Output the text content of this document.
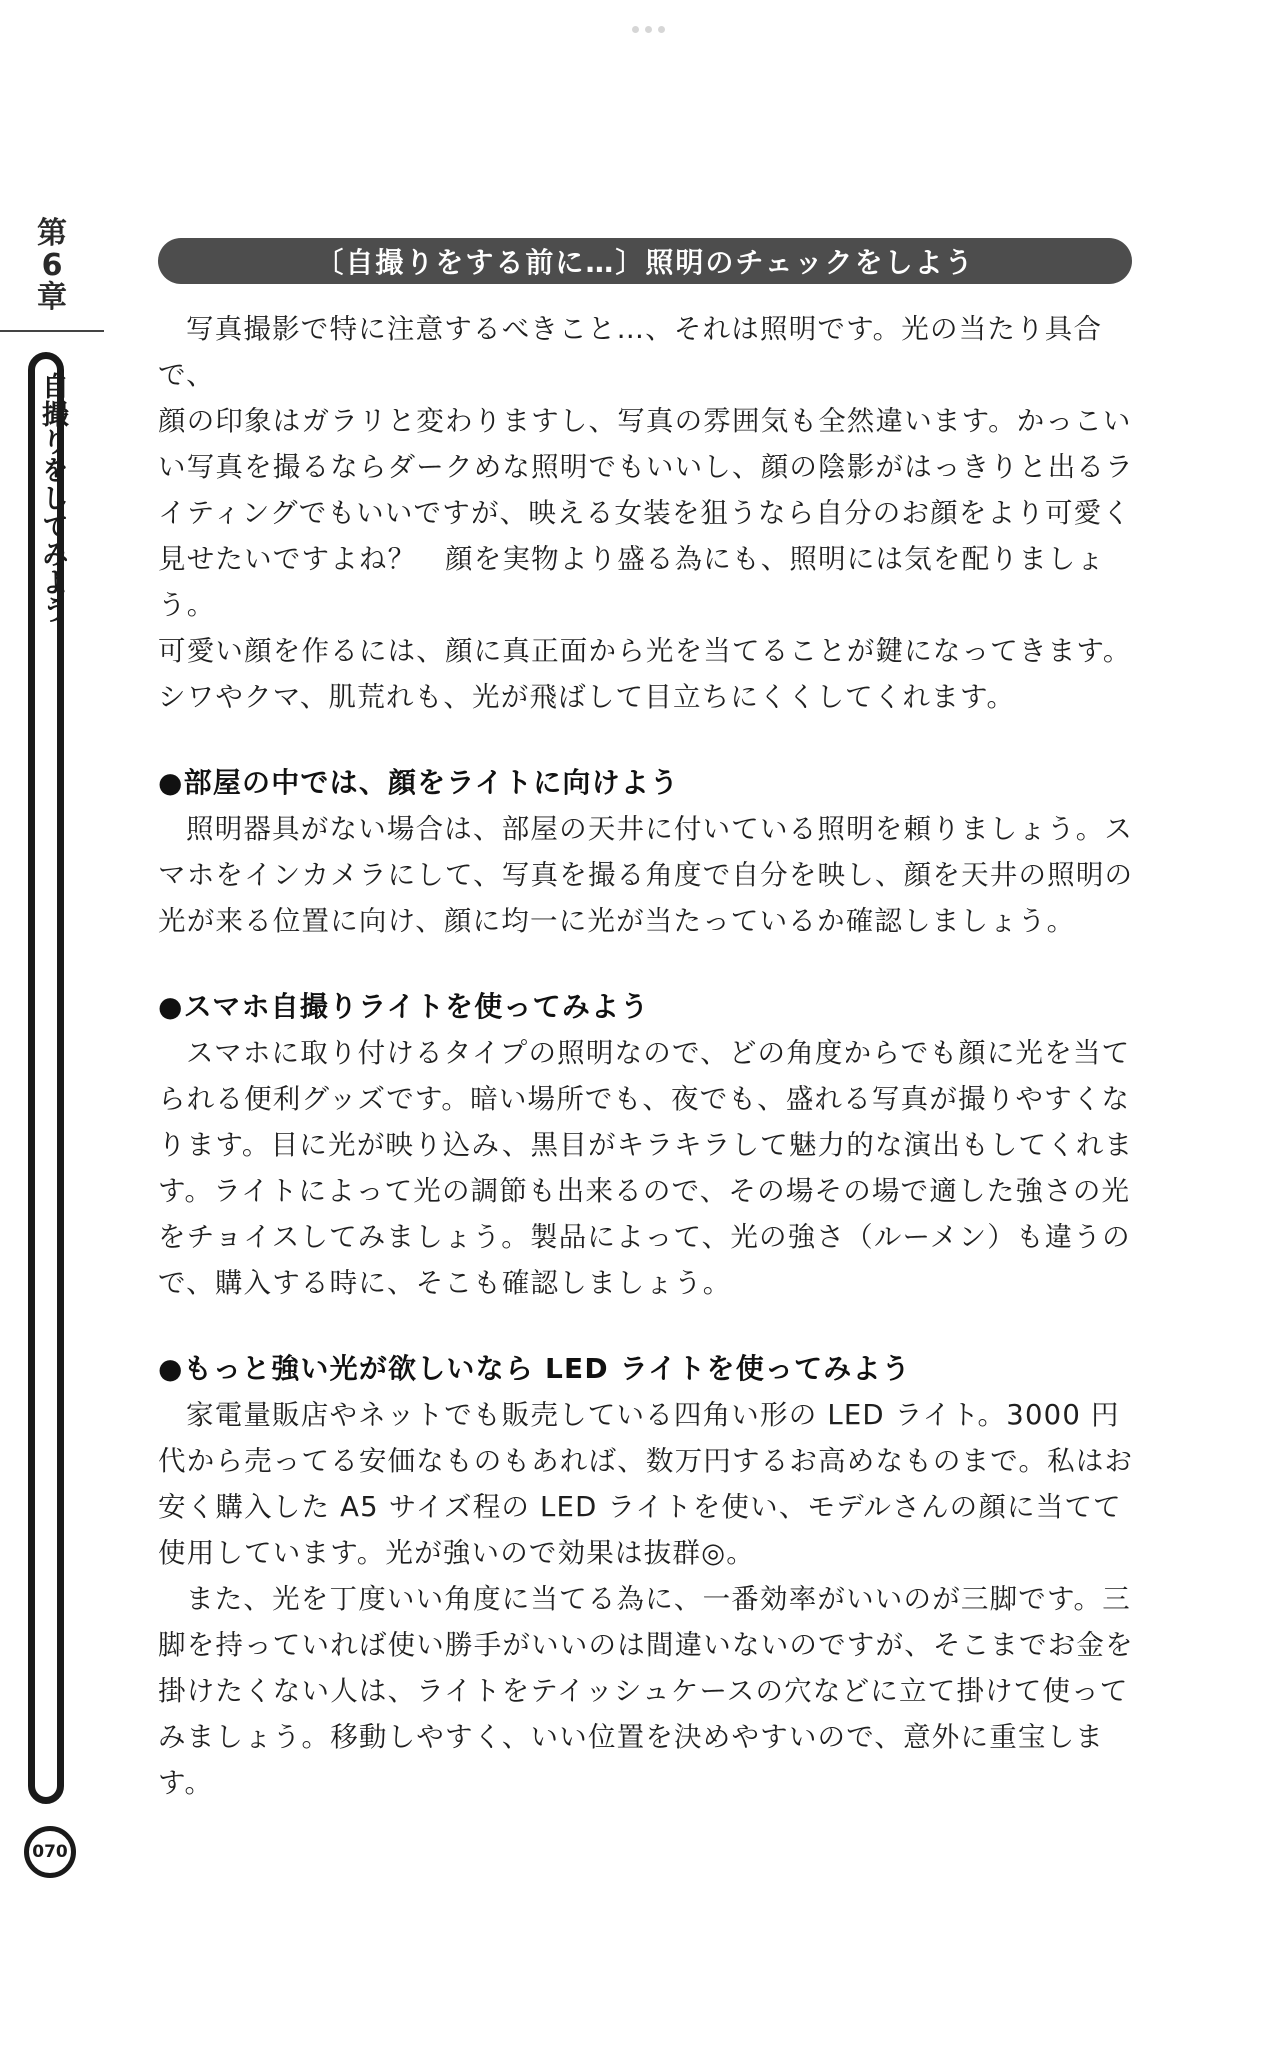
第
6
章
自撮りをしてみよう
070
〔自撮りをする前に…〕照明のチェックをしよう

写真撮影で特に注意するべきこと…、それは照明です。光の当たり具合で、
顔の印象はガラリと変わりますし、写真の雰囲気も全然違います。かっこい
い写真を撮るならダークめな照明でもいいし、顔の陰影がはっきりと出るラ
イティングでもいいですが、映える女装を狙うなら自分のお顔をより可愛く
見せたいですよね？　顔を実物より盛る為にも、照明には気を配りましょう。
可愛い顔を作るには、顔に真正面から光を当てることが鍵になってきます。
シワやクマ、肌荒れも、光が飛ばして目立ちにくくしてくれます。

●部屋の中では、顔をライトに向けよう

照明器具がない場合は、部屋の天井に付いている照明を頼りましょう。ス
マホをインカメラにして、写真を撮る角度で自分を映し、顔を天井の照明の
光が来る位置に向け、顔に均一に光が当たっているか確認しましょう。

●スマホ自撮りライトを使ってみよう

スマホに取り付けるタイプの照明なので、どの角度からでも顔に光を当て
られる便利グッズです。暗い場所でも、夜でも、盛れる写真が撮りやすくな
ります。目に光が映り込み、黒目がキラキラして魅力的な演出もしてくれま
す。ライトによって光の調節も出来るので、その場その場で適した強さの光
をチョイスしてみましょう。製品によって、光の強さ（ルーメン）も違うの
で、購入する時に、そこも確認しましょう。

●もっと強い光が欲しいなら LED ライトを使ってみよう

家電量販店やネットでも販売している四角い形の LED ライト。3000 円
代から売ってる安価なものもあれば、数万円するお高めなものまで。私はお
安く購入した A5 サイズ程の LED ライトを使い、モデルさんの顔に当てて
使用しています。光が強いので効果は抜群◎。

また、光を丁度いい角度に当てる為に、一番効率がいいのが三脚です。三
脚を持っていれば使い勝手がいいのは間違いないのですが、そこまでお金を
掛けたくない人は、ライトをテイッシュケースの穴などに立て掛けて使って
みましょう。移動しやすく、いい位置を決めやすいので、意外に重宝します。
